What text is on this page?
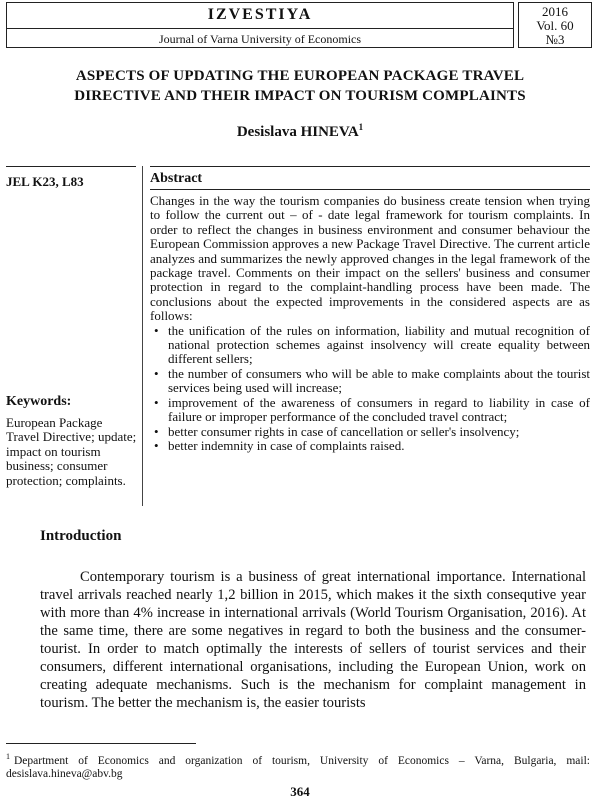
IZVESTIYA
Journal of Varna University of Economics
2016
Vol. 60
№3
ASPECTS OF UPDATING THE EUROPEAN PACKAGE TRAVEL
DIRECTIVE AND THEIR IMPACT ON TOURISM COMPLAINTS
Desislava HINEVA$^1$
JEL K23, L83	Abstract

Changes in the way the tourism companies do business create tension when trying to follow the current out – of - date legal framework for tourism complaints. In order to reflect the changes in business environment and consumer behaviour the European Commission approves a new Package Travel Directive. The current article analyzes and summarizes the newly approved changes in the legal framework of the package travel. Comments on their impact on the sellers' business and consumer protection in regard to the complaint-handling process have been made. The conclusions about the expected improvements in the considered aspects are as follows:

• the unification of the rules on information, liability and mutual recognition of national protection schemes against insolvency will create equality between different sellers;
• the number of consumers who will be able to make complaints about the tourist services being used will increase;
• improvement of the awareness of consumers in regard to liability in case of failure or improper performance of the concluded travel contract;
• better consumer rights in case of cancellation or seller's insolvency;
• better indemnity in case of complaints raised.
Keywords:
European Package Travel Directive; update; impact on tourism business; consumer protection; complaints.
Introduction
Contemporary tourism is a business of great international importance. International travel arrivals reached nearly 1,2 billion in 2015, which makes it the sixth consequtive year with more than 4% increase in international arrivals (World Tourism Organisation, 2016). At the same time, there are some negatives in regard to both the business and the consumer- tourist. In order to match optimally the interests of sellers of tourist services and their consumers, different international organisations, including the European Union, work on creating adequate mechanisms. Such is the mechanism for complaint management in tourism. The better the mechanism is, the easier tourists
$^1$ Department of Economics and organization of tourism, University of Economics – Varna, Bulgaria, mail: desislava.hineva@abv.bg
364
